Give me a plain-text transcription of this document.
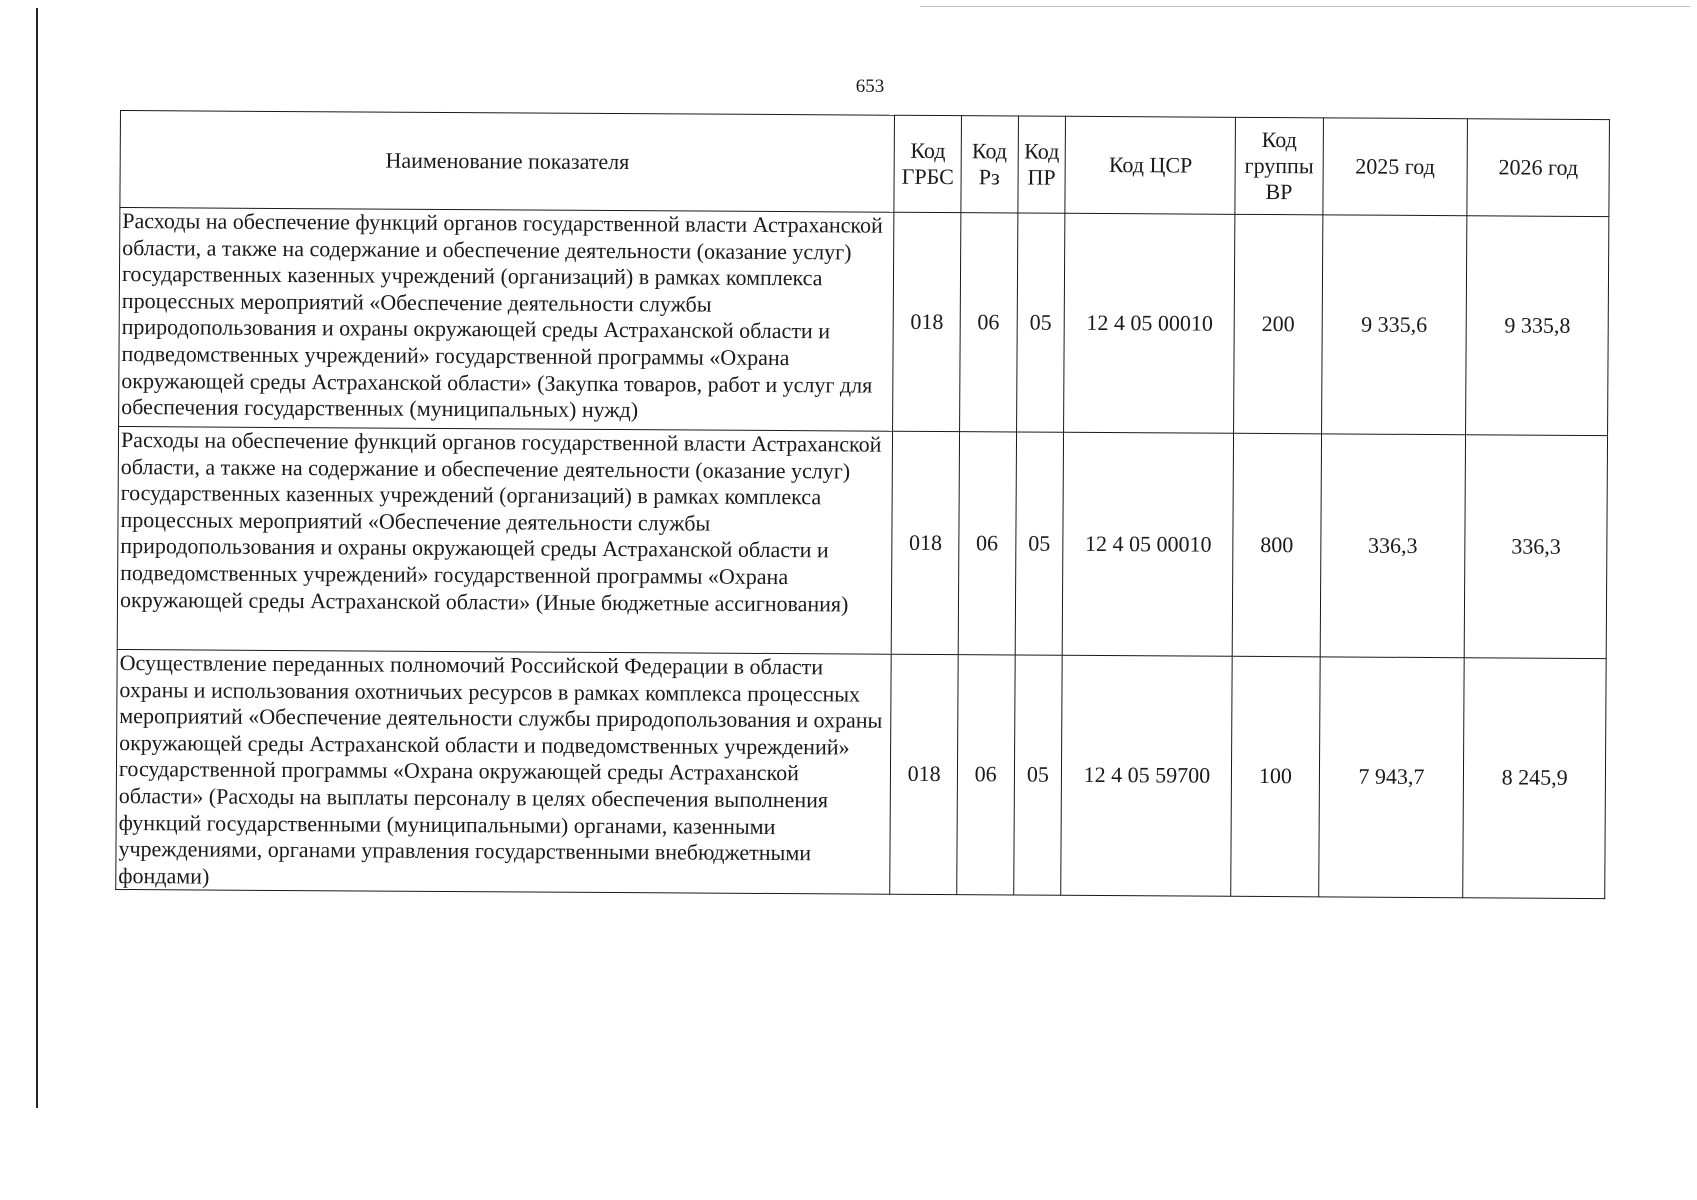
653
Наименование показателя	Код ГРБС	Код Рз	Код ПР	Код ЦСР	Код группы ВР	2025 год	2026 год
Расходы на обеспечение функций органов государственной власти Астраханской области, а также на содержание и обеспечение деятельности (оказание услуг) государственных казенных учреждений (организаций) в рамках комплекса процессных мероприятий «Обеспечение деятельности службы природопользования и охраны окружающей среды Астраханской области и подведомственных учреждений» государственной программы «Охрана окружающей среды Астраханской области» (Закупка товаров, работ и услуг для обеспечения государственных (муниципальных) нужд)	018	06	05	12 4 05 00010	200	9 335,6	9 335,8
Расходы на обеспечение функций органов государственной власти Астраханской области, а также на содержание и обеспечение деятельности (оказание услуг) государственных казенных учреждений (организаций) в рамках комплекса процессных мероприятий «Обеспечение деятельности службы природопользования и охраны окружающей среды Астраханской области и подведомственных учреждений» государственной программы «Охрана окружающей среды Астраханской области» (Иные бюджетные ассигнования)	018	06	05	12 4 05 00010	800	336,3	336,3
Осуществление переданных полномочий Российской Федерации в области охраны и использования охотничьих ресурсов в рамках комплекса процессных мероприятий «Обеспечение деятельности службы природопользования и охраны окружающей среды Астраханской области и подведомственных учреждений» государственной программы «Охрана окружающей среды Астраханской области» (Расходы на выплаты персоналу в целях обеспечения выполнения функций государственными (муниципальными) органами, казенными учреждениями, органами управления государственными внебюджетными фондами)	018	06	05	12 4 05 59700	100	7 943,7	8 245,9
